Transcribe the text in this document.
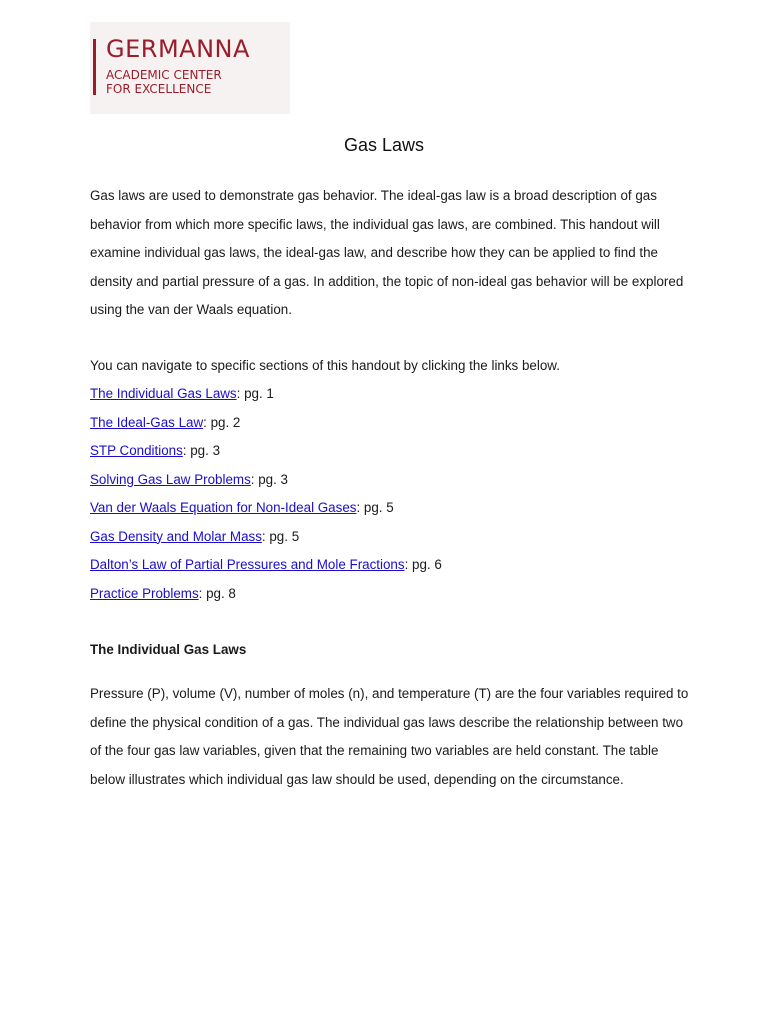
GERMANNA
ACADEMIC CENTER
FOR EXCELLENCE
Gas Laws

Gas laws are used to demonstrate gas behavior. The ideal-gas law is a broad description of gas behavior from which more specific laws, the individual gas laws, are combined. This handout will examine individual gas laws, the ideal-gas law, and describe how they can be applied to find the density and partial pressure of a gas. In addition, the topic of non-ideal gas behavior will be explored using the van der Waals equation.

You can navigate to specific sections of this handout by clicking the links below.

The Individual Gas Laws: pg. 1
The Ideal-Gas Law: pg. 2
STP Conditions: pg. 3
Solving Gas Law Problems: pg. 3
Van der Waals Equation for Non-Ideal Gases: pg. 5
Gas Density and Molar Mass: pg. 5
Dalton’s Law of Partial Pressures and Mole Fractions: pg. 6
Practice Problems: pg. 8
The Individual Gas Laws

Pressure (P), volume (V), number of moles (n), and temperature (T) are the four variables required to define the physical condition of a gas. The individual gas laws describe the relationship between two of the four gas law variables, given that the remaining two variables are held constant. The table below illustrates which individual gas law should be used, depending on the circumstance.
